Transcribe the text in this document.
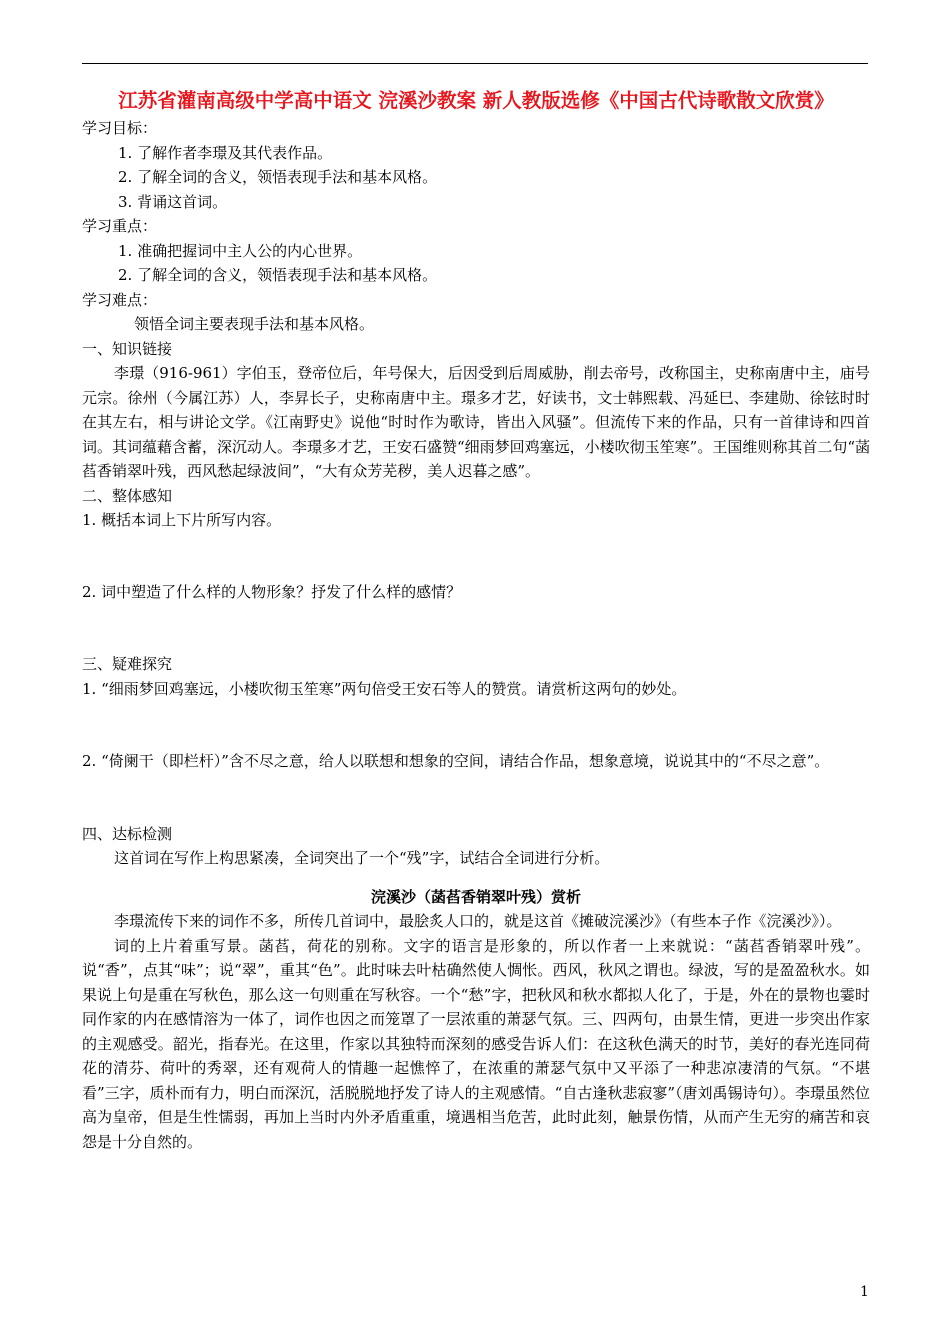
江苏省灌南高级中学高中语文 浣溪沙教案 新人教版选修《中国古代诗歌散文欣赏》
学习目标：
1. 了解作者李璟及其代表作品。
2. 了解全词的含义，领悟表现手法和基本风格。
3. 背诵这首词。
学习重点：
1. 准确把握词中主人公的内心世界。
2. 了解全词的含义，领悟表现手法和基本风格。
学习难点：
领悟全词主要表现手法和基本风格。
一、知识链接
李璟（916-961）字伯玉，登帝位后，年号保大，后因受到后周威胁，削去帝号，改称国主，史称南唐中主，庙号元宗。徐州（今属江苏）人，李昇长子，史称南唐中主。璟多才艺，好读书，文士韩熙载、冯延巳、李建勋、徐铉时时在其左右，相与讲论文学。《江南野史》说他“时时作为歌诗，皆出入风骚”。但流传下来的作品，只有一首律诗和四首词。其词蕴藉含蓄，深沉动人。李璟多才艺，王安石盛赞“细雨梦回鸡塞远，小楼吹彻玉笙寒”。王国维则称其首二句“菡萏香销翠叶残，西风愁起绿波间”，“大有众芳芜秽，美人迟暮之感”。
二、整体感知
1. 概括本词上下片所写内容。
2. 词中塑造了什么样的人物形象？抒发了什么样的感情？
三、疑难探究
1. “细雨梦回鸡塞远，小楼吹彻玉笙寒”两句倍受王安石等人的赞赏。请赏析这两句的妙处。
2. “倚阑干（即栏杆）”含不尽之意，给人以联想和想象的空间，请结合作品，想象意境，说说其中的“不尽之意”。
四、达标检测
这首词在写作上构思紧凑，全词突出了一个“残”字，试结合全词进行分析。
浣溪沙（菡萏香销翠叶残）赏析
李璟流传下来的词作不多，所传几首词中，最脍炙人口的，就是这首《摊破浣溪沙》（有些本子作《浣溪沙》）。
词的上片着重写景。菡萏，荷花的别称。文字的语言是形象的，所以作者一上来就说：“菡萏香销翠叶残”。说“香”，点其“味”；说“翠”，重其“色”。此时味去叶枯确然使人惆怅。西风，秋风之谓也。绿波，写的是盈盈秋水。如果说上句是重在写秋色，那么这一句则重在写秋容。一个“愁”字，把秋风和秋水都拟人化了，于是，外在的景物也霎时同作家的内在感情溶为一体了，词作也因之而笼罩了一层浓重的萧瑟气氛。三、四两句，由景生情，更进一步突出作家的主观感受。韶光，指春光。在这里，作家以其独特而深刻的感受告诉人们：在这秋色满天的时节，美好的春光连同荷花的清芬、荷叶的秀翠，还有观荷人的情趣一起憔悴了，在浓重的萧瑟气氛中又平添了一种悲凉凄清的气氛。“不堪看”三字，质朴而有力，明白而深沉，活脱脱地抒发了诗人的主观感情。“自古逢秋悲寂寥”（唐刘禹锡诗句）。李璟虽然位高为皇帝，但是生性懦弱，再加上当时内外矛盾重重，境遇相当危苦，此时此刻，触景伤情，从而产生无穷的痛苦和哀怨是十分自然的。
1
